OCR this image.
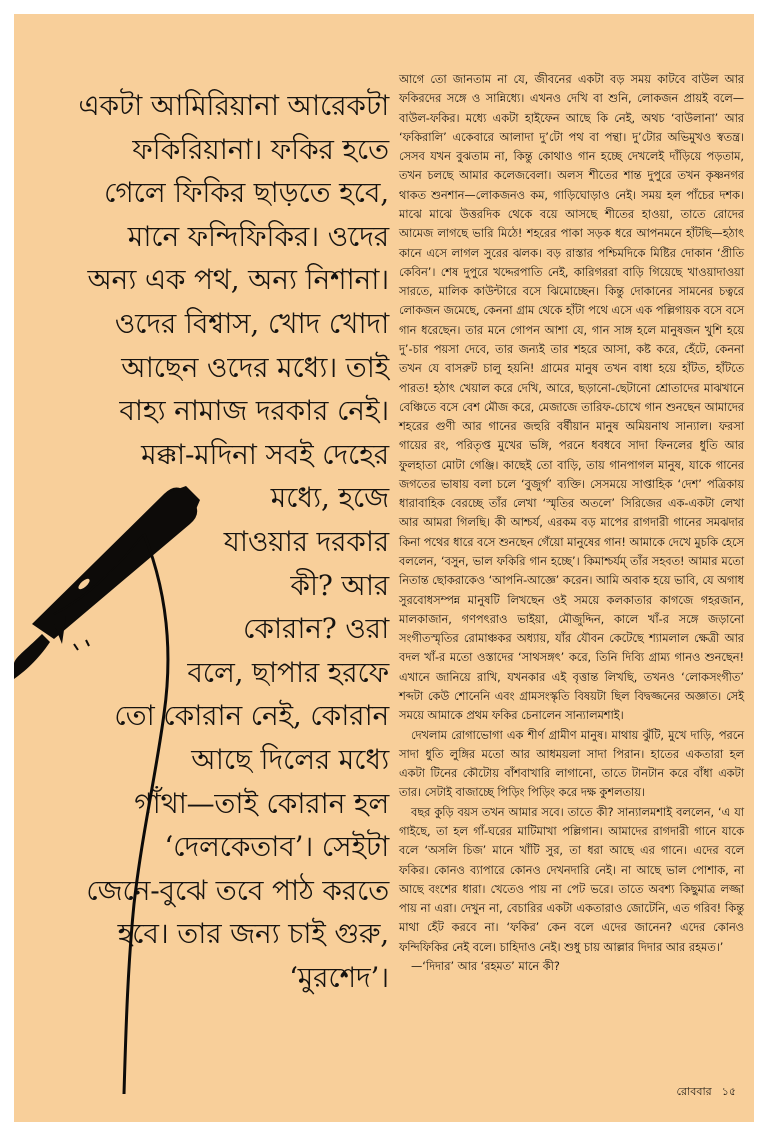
একটা আমিরিয়ানা আরেকটা
ফকিরিয়ানা। ফকির হতে
গেলে ফিকির ছাড়তে হবে,
মানে ফন্দিফিকির। ওদের
অন্য এক পথ, অন্য নিশানা।
ওদের বিশ্বাস, খোদ খোদা
আছেন ওদের মধ্যে। তাই
বাহ্য নামাজ দরকার নেই।
মক্কা-মদিনা সবই দেহের
মধ্যে, হজে
যাওয়ার দরকার
কী? আর
কোরান? ওরা
বলে, ছাপার হরফে
তো কোরান নেই, কোরান
আছে দিলের মধ্যে
গাঁথা—তাই কোরান হল
‘দেলকেতাব’। সেইটা
জেনে-বুঝে তবে পাঠ করতে
হবে। তার জন্য চাই গুরু,
‘মুরশেদ’।

আগে তো জানতাম না যে, জীবনের একটা বড় সময় কাটবে বাউল আর ফকিরদের সঙ্গে ও সান্নিধ্যে। এখনও দেখি বা শুনি, লোকজন প্রায়ই বলে—বাউল-ফকির। মধ্যে একটা হাইফেন আছে কি নেই, অথচ ‘বাউলানা’ আর ‘ফকিরালি’ একেবারে আলাদা দু’টো পথ বা পন্থা। দু’টোর অভিমুখও স্বতন্ত্র। সেসব যখন বুঝতাম না, কিন্তু কোথাও গান হচ্ছে দেখলেই দাঁড়িয়ে পড়তাম, তখন চলছে আমার কলেজবেলা। অলস শীতের শান্ত দুপুরে তখন কৃষ্ণনগর থাকত শুনশান—লোকজনও কম, গাড়িঘোড়াও নেই। সময় হল পাঁচের দশক। মাঝে মাঝে উত্তরদিক থেকে বয়ে আসছে শীতের হাওয়া, তাতে রোদের আমেজ লাগছে ভারি মিঠে! শহরের পাকা সড়ক ধরে আপনমনে হাঁটছি—হঠাৎ কানে এসে লাগল সুরের ঝলক। বড় রাস্তার পশ্চিমদিকে মিষ্টির দোকান ‘প্রীতি কেবিন’। শেষ দুপুরে খদ্দেরপাতি নেই, কারিগররা বাড়ি গিয়েছে খাওয়াদাওয়া সারতে, মালিক কাউন্টারে বসে ঝিমোচ্ছেন। কিন্তু দোকানের সামনের চত্বরে লোকজন জমেছে, কেননা গ্রাম থেকে হাঁটা পথে এসে এক পল্লিগায়ক বসে বসে গান ধরেছেন। তার মনে গোপন আশা যে, গান সাঙ্গ হলে মানুষজন খুশি হয়ে দু’-চার পয়সা দেবে, তার জন্যই তার শহরে আসা, কষ্ট করে, হেঁটে, কেননা তখন যে বাসরুট চালু হয়নি! গ্রামের মানুষ তখন বাধা হয়ে হাঁটত, হাঁটতে পারত! হঠাৎ খেয়াল করে দেখি, আরে, ছড়ানো-ছেটানো শ্রোতাদের মাঝখানে বেঞ্চিতে বসে বেশ মৌজ করে, মেজাজে তারিফ-চোখে গান শুনছেন আমাদের শহরের গুণী আর গানের জহুরি বর্ষীয়ান মানুষ অমিয়নাথ সান্যাল। ফরসা গায়ের রং, পরিতৃপ্ত মুখের ভঙ্গি, পরনে ধবধবে সাদা ফিনলের ধুতি আর ফুলহাতা মোটা গেঞ্জি। কাছেই তো বাড়ি, তায় গানপাগল মানুষ, যাকে গানের জগতের ভাষায় বলা চলে ‘বুজুর্গ’ ব্যক্তি। সেসময়ে সাপ্তাহিক ‘দেশ’ পত্রিকায় ধারাবাহিক বেরচ্ছে তাঁর লেখা ‘স্মৃতির অতলে’ সিরিজের এক-একটা লেখা আর আমরা গিলছি। কী আশ্চর্য, এরকম বড় মাপের রাগদারী গানের সমঝদার কিনা পথের ধারে বসে শুনছেন গেঁয়ো মানুষের গান! আমাকে দেখে মুচকি হেসে বললেন, ‘বসুন, ভাল ফকিরি গান হচ্ছে’। কিমাশ্চর্যম্‌ তাঁর সহবত! আমার মতো নিতান্ত ছোকরাকেও ‘আপনি-আজ্ঞে’ করেন। আমি অবাক হয়ে ভাবি, যে অগাধ সুরবোধসম্পন্ন মানুষটি লিখছেন ওই সময়ে কলকাতার কাগজে গহরজান, মালকাজান, গণপৎরাও ভাইয়া, মৌজুদ্দিন, কালে খাঁ-র সঙ্গে জড়ানো সংগীতস্মৃতির রোমাঞ্চকর অধ্যায়, যাঁর যৌবন কেটেছে শ্যামলাল ক্ষেত্রী আর বদল খাঁ-র মতো ওস্তাদের ‘সাথসঙ্গৎ’ করে, তিনি দিব্যি গ্রাম্য গানও শুনছেন! এখানে জানিয়ে রাখি, যখনকার এই বৃত্তান্ত লিখছি, তখনও ‘লোকসংগীত’ শব্দটা কেউ শোনেনি এবং গ্রামসংস্কৃতি বিষয়টা ছিল বিদ্বজ্জনের অজ্ঞাত। সেই সময়ে আমাকে প্রথম ফকির চেনালেন সান্যালমশাই।

দেখলাম রোগাভোগা এক শীর্ণ গ্রামীণ মানুষ। মাথায় ঝুঁটি, মুখে দাড়ি, পরনে সাদা ধুতি লুঙ্গির মতো আর আধময়লা সাদা পিরান। হাতের একতারা হল একটা টিনের কৌটোয় বাঁশবাখারি লাগানো, তাতে টানটান করে বাঁধা একটা তার। সেটাই বাজাচ্ছে পিড়িং পিড়িং করে দক্ষ কুশলতায়।

বছর কুড়ি বয়স তখন আমার সবে। তাতে কী? সান্যালমশাই বললেন, ‘এ যা গাইছে, তা হল গাঁ-ঘরের মাটিমাখা পল্লিগান। আমাদের রাগদারী গানে যাকে বলে ‘অসলি চিজ’ মানে খাঁটি সুর, তা ধরা আছে এর গানে। এদের বলে ফকির। কোনও ব্যাপারে কোনও দেখনদারি নেই। না আছে ভাল পোশাক, না আছে বংশের ধারা। খেতেও পায় না পেট ভরে। তাতে অবশ্য কিছুমাত্র লজ্জা পায় না এরা। দেখুন না, বেচারির একটা একতারাও জোটেনি, এত গরিব! কিন্তু মাথা হেঁট করবে না। ‘ফকির’ কেন বলে এদের জানেন? এদের কোনও ফন্দিফিকির নেই বলে। চাহিদাও নেই। শুধু চায় আল্লার দিদার আর রহমত।’

—‘দিদার’ আর ‘রহমত’ মানে কী?

রোববার ১৫
